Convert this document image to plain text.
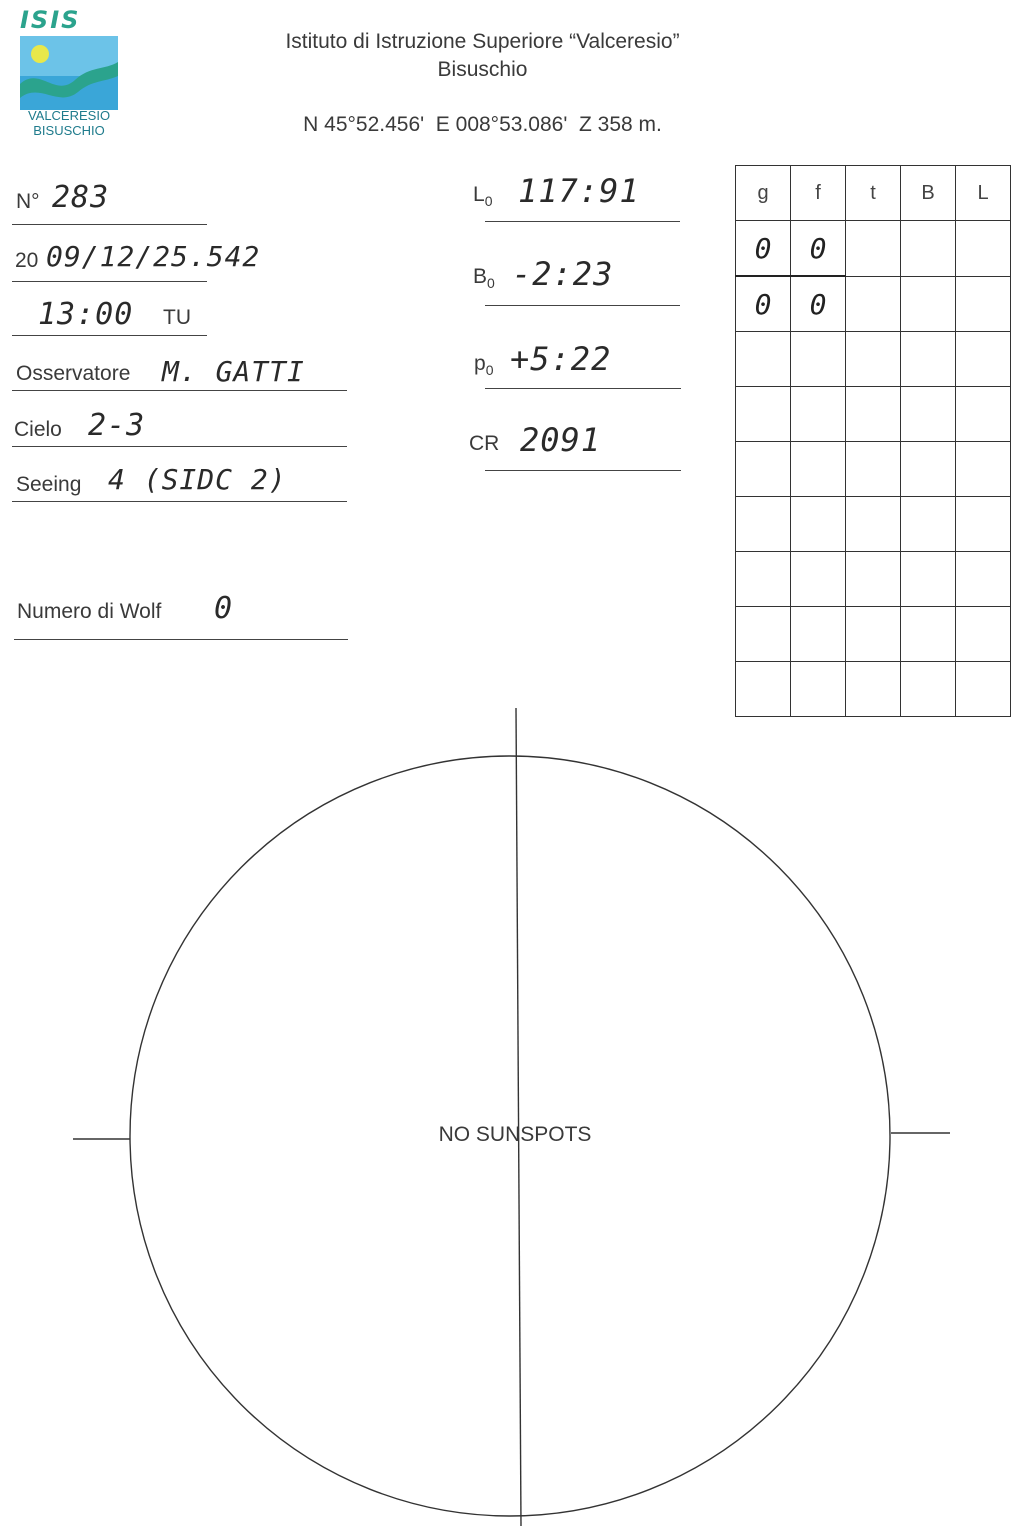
ISIS
VALCERESIO
BISUSCHIO
Istituto di Istruzione Superiore “Valceresio”
Bisuschio
N 45°52.456'  E 008°53.086'  Z 358 m.
N° 283
20 09/12/25.542
13:00 TU
Osservatore M. GATTI
Cielo 2-3
Seeing 4 (SIDC 2)
Numero di Wolf 0
$L_0$ 117:91
$B_0$ -2:23
$p_0$ +5:22
CR 2091
g	f	t	B	L
0	0			
0	0			

NO SUNSPOTS
